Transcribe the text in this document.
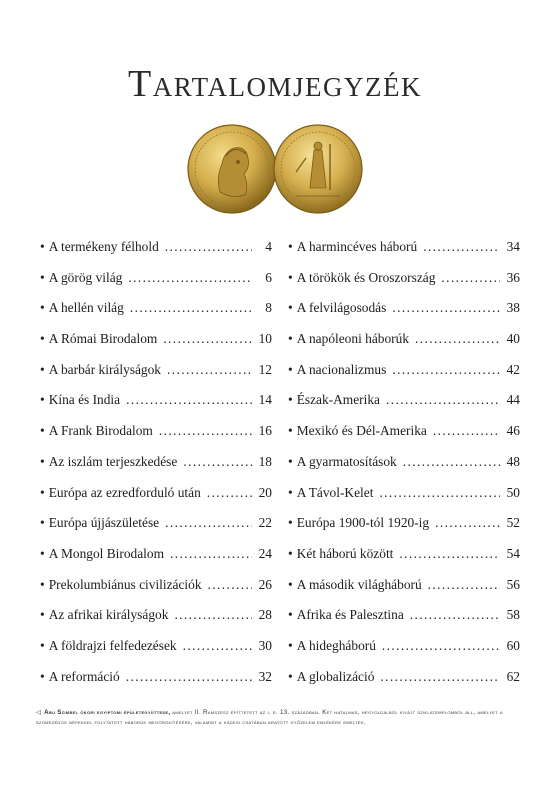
Tartalomjegyzék
• A termékeny félhold .....	4
• A görög világ .....	6
• A hellén világ .....	8
• A Római Birodalom .....	10
• A barbár királyságok .....	12
• Kína és India .....	14
• A Frank Birodalom .....	16
• Az iszlám terjeszkedése .....	18
• Európa az ezredforduló után .....	20
• Európa újjászületése .....	22
• A Mongol Birodalom .....	24
• Prekolumbiánus civilizációk .....	26
• Az afrikai királyságok .....	28
• A földrajzi felfedezések .....	30
• A reformáció .....	32
• A harmincéves háború .....	34
• A törökök és Oroszország .....	36
• A felvilágosodás .....	38
• A napóleoni háborúk .....	40
• A nacionalizmus .....	42
• Észak-Amerika .....	44
• Mexikó és Dél-Amerika .....	46
• A gyarmatosítások .....	48
• A Távol-Kelet .....	50
• Európa 1900-tól 1920-ig .....	52
• Két háború között .....	54
• A második világháború .....	56
• Afrika és Palesztina .....	58
• A hidegháború .....	60
• A globalizáció .....	62
◁ Abu Szimbel ókori egyiptomi épületegyüttese, amelyet II. Ramszesz építtetett az i. e. 13. században. Két hatalmas, hegyoldalból kivájt sziklatemplomból áll, amelyet a szomszédos népekkel folytatott háborúk megörökítésére, valamint a kádesi csatában aratott győzelem emlékére emeltek.
